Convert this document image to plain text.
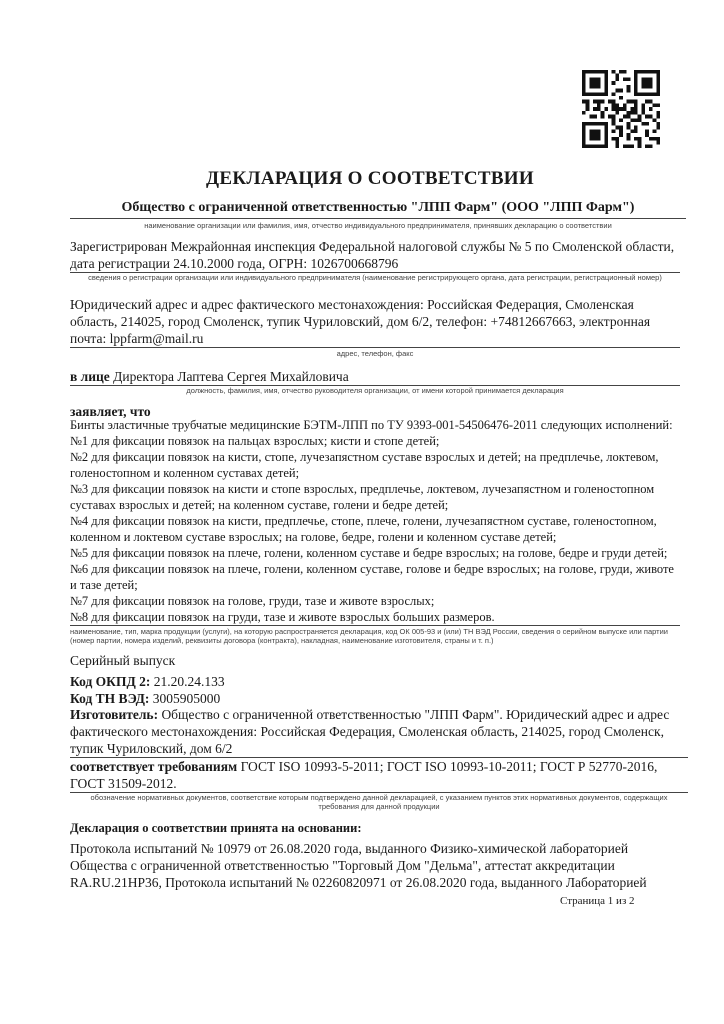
ДЕКЛАРАЦИЯ О СООТВЕТСТВИИ
Общество с ограниченной ответственностью "ЛПП Фарм" (ООО "ЛПП Фарм")
наименование организации или фамилия, имя, отчество индивидуального предпринимателя, принявших декларацию о соответствии
Зарегистрирован Межрайонная инспекция Федеральной налоговой службы № 5 по Смоленской области, дата регистрации 24.10.2000 года, ОГРН: 1026700668796
сведения о регистрации организации или индивидуального предпринимателя (наименование регистрирующего органа, дата регистрации, регистрационный номер)
Юридический адрес и адрес фактического местонахождения: Российская Федерация, Смоленская область, 214025, город Смоленск, тупик Чуриловский, дом 6/2, телефон: +74812667663, электронная почта: lppfarm@mail.ru
адрес, телефон, факс
в лице Директора Лаптева Сергея Михайловича
должность, фамилия, имя, отчество руководителя организации, от имени которой принимается декларация
заявляет, что
Бинты эластичные трубчатые медицинские БЭТМ-ЛПП по ТУ 9393-001-54506476-2011 следующих исполнений:
№1 для фиксации повязок на пальцах взрослых; кисти и стопе детей;
№2 для фиксации повязок на кисти, стопе, лучезапястном суставе взрослых и детей; на предплечье, локтевом, голеностопном и коленном суставах детей;
№3 для фиксации повязок на кисти и стопе взрослых, предплечье, локтевом, лучезапястном и голеностопном суставах взрослых и детей; на коленном суставе, голени и бедре детей;
№4 для фиксации повязок на кисти, предплечье, стопе, плече, голени, лучезапястном суставе, голеностопном, коленном и локтевом суставе взрослых; на голове, бедре, голени и коленном суставе детей;
№5 для фиксации повязок на плече, голени, коленном суставе и бедре взрослых; на голове, бедре и груди детей;
№6 для фиксации повязок на плече, голени, коленном суставе, голове и бедре взрослых; на голове, груди, животе и тазе детей;
№7 для фиксации повязок на голове, груди, тазе и животе взрослых;
№8 для фиксации повязок на груди, тазе и животе взрослых больших размеров.
наименование, тип, марка продукции (услуги), на которую распространяется декларация, код ОК 005-93 и (или) ТН ВЭД России, сведения о серийном выпуске или партии (номер партии, номера изделий, реквизиты договора (контракта), накладная, наименование изготовителя, страны и т. п.)
Серийный выпуск
Код ОКПД 2: 21.20.24.133
Код ТН ВЭД: 3005905000
Изготовитель: Общество с ограниченной ответственностью "ЛПП Фарм". Юридический адрес и адрес фактического местонахождения: Российская Федерация, Смоленская область, 214025, город Смоленск, тупик Чуриловский, дом 6/2
соответствует требованиям ГОСТ ISO 10993-5-2011; ГОСТ ISO 10993-10-2011; ГОСТ Р 52770-2016, ГОСТ 31509-2012.
обозначение нормативных документов, соответствие которым подтверждено данной декларацией, с указанием пунктов этих нормативных документов, содержащих требования для данной продукции
Декларация о соответствии принята на основании:
Протокола испытаний № 10979 от 26.08.2020 года, выданного Физико-химической лабораторией Общества с ограниченной ответственностью "Торговый Дом "Дельма", аттестат аккредитации RA.RU.21НР36, Протокола испытаний № 02260820971 от 26.08.2020 года, выданного Лабораторией
Страница 1 из 2
